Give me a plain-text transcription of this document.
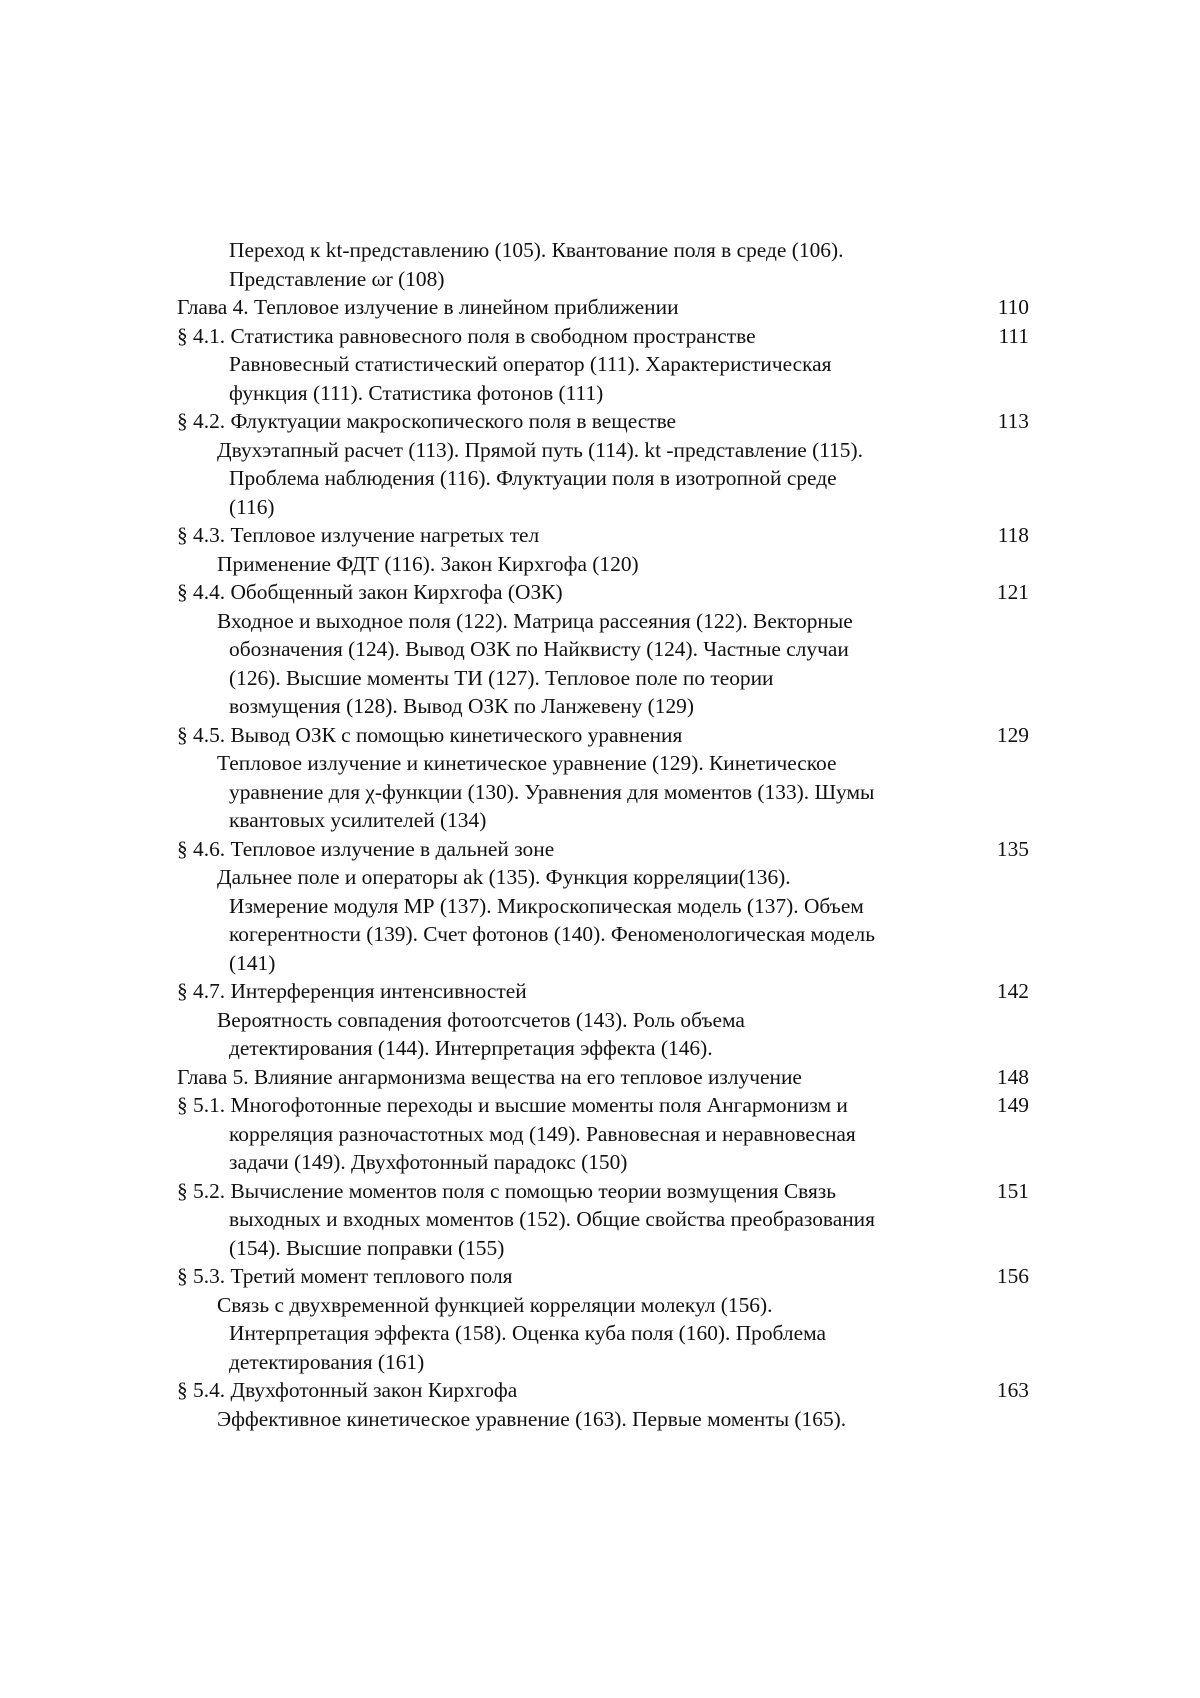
Переход к kt-представлению (105). Квантование поля в среде (106).
Представление ωr (108)
Глава 4. Тепловое излучение в линейном приближении	110
§ 4.1. Статистика равновесного поля в свободном пространстве	111
Равновесный статистический оператор (111). Характеристическая
функция (111). Статистика фотонов (111)
§ 4.2. Флуктуации макроскопического поля в веществе	113
Двухэтапный расчет (113). Прямой путь (114). kt -представление (115).
Проблема наблюдения (116). Флуктуации поля в изотропной среде
(116)
§ 4.3. Тепловое излучение нагретых тел	118
Применение ФДТ (116). Закон Кирхгофа (120)
§ 4.4. Обобщенный закон Кирхгофа (ОЗК)	121
Входное и выходное поля (122). Матрица рассеяния (122). Векторные
обозначения (124). Вывод ОЗК по Найквисту (124). Частные случаи
(126). Высшие моменты ТИ (127). Тепловое поле по теории
возмущения (128). Вывод ОЗК по Ланжевену (129)
§ 4.5. Вывод ОЗК с помощью кинетического уравнения	129
Тепловое излучение и кинетическое уравнение (129). Кинетическое
уравнение для χ-функции (130). Уравнения для моментов (133). Шумы
квантовых усилителей (134)
§ 4.6. Тепловое излучение в дальней зоне	135
Дальнее поле и операторы ak (135). Функция корреляции(136).
Измерение модуля МР (137). Микроскопическая модель (137). Объем
когерентности (139). Счет фотонов (140). Феноменологическая модель
(141)
§ 4.7. Интерференция интенсивностей	142
Вероятность совпадения фотоотсчетов (143). Роль объема
детектирования (144). Интерпретация эффекта (146).
Глава 5. Влияние ангармонизма вещества на его тепловое излучение	148
§ 5.1. Многофотонные переходы и высшие моменты поля Ангармонизм и	149
корреляция разночастотных мод (149). Равновесная и неравновесная
задачи (149). Двухфотонный парадокс (150)
§ 5.2. Вычисление моментов поля с помощью теории возмущения Связь	151
выходных и входных моментов (152). Общие свойства преобразования
(154). Высшие поправки (155)
§ 5.3. Третий момент теплового поля	156
Связь с двухвременной функцией корреляции молекул (156).
Интерпретация эффекта (158). Оценка куба поля (160). Проблема
детектирования (161)
§ 5.4. Двухфотонный закон Кирхгофа	163
Эффективное кинетическое уравнение (163). Первые моменты (165).
